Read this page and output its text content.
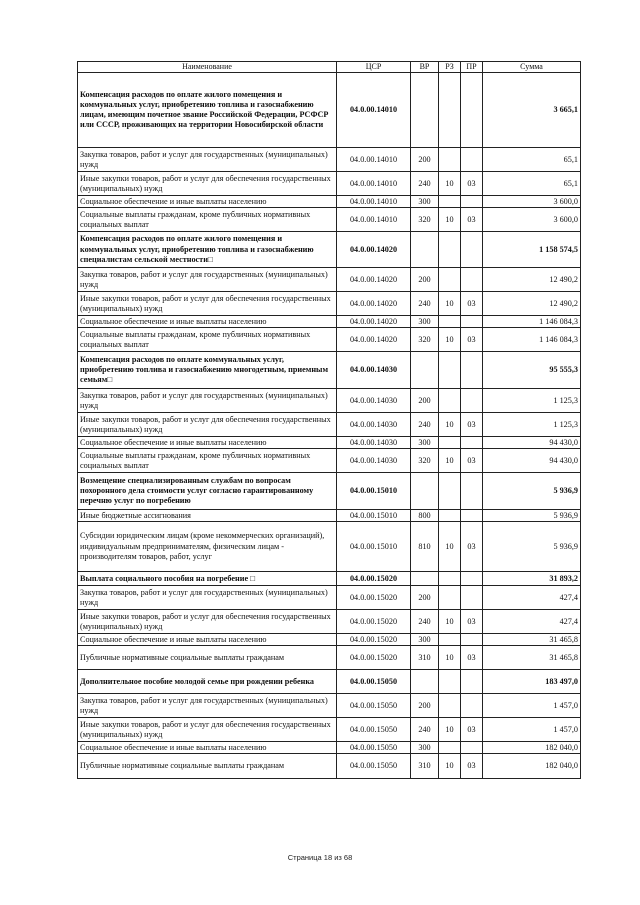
Наименование	ЦСР	ВР	РЗ	ПР	Сумма
Компенсация расходов по оплате жилого помещения и коммунальных услуг, приобретению топлива и газоснабжению лицам, имеющим почетное звание Российской Федерации, РСФСР или СССР, проживающих на территории Новосибирской области	04.0.00.14010				3 665,1
Закупка товаров, работ и услуг для государственных (муниципальных) нужд	04.0.00.14010	200			65,1
Иные закупки товаров, работ и услуг для обеспечения государственных (муниципальных) нужд	04.0.00.14010	240	10	03	65,1
Социальное обеспечение и иные выплаты населению	04.0.00.14010	300			3 600,0
Социальные выплаты гражданам, кроме публичных нормативных социальных выплат	04.0.00.14010	320	10	03	3 600,0
Компенсация расходов по оплате жилого помещения и коммунальных услуг, приобретению топлива и газоснабжению специалистам сельской местности□	04.0.00.14020				1 158 574,5
Закупка товаров, работ и услуг для государственных (муниципальных) нужд	04.0.00.14020	200			12 490,2
Иные закупки товаров, работ и услуг для обеспечения государственных (муниципальных) нужд	04.0.00.14020	240	10	03	12 490,2
Социальное обеспечение и иные выплаты населению	04.0.00.14020	300			1 146 084,3
Социальные выплаты гражданам, кроме публичных нормативных социальных выплат	04.0.00.14020	320	10	03	1 146 084,3
Компенсация расходов по оплате коммунальных услуг, приобретению топлива и газоснабжению многодетным, приемным семьям□	04.0.00.14030				95 555,3
Закупка товаров, работ и услуг для государственных (муниципальных) нужд	04.0.00.14030	200			1 125,3
Иные закупки товаров, работ и услуг для обеспечения государственных (муниципальных) нужд	04.0.00.14030	240	10	03	1 125,3
Социальное обеспечение и иные выплаты населению	04.0.00.14030	300			94 430,0
Социальные выплаты гражданам, кроме публичных нормативных социальных выплат	04.0.00.14030	320	10	03	94 430,0
Возмещение специализированным службам по вопросам похоронного дела стоимости услуг согласно гарантированному перечню услуг по погребению	04.0.00.15010				5 936,9
Иные бюджетные ассигнования	04.0.00.15010	800			5 936,9
Субсидии юридическим лицам (кроме некоммерческих организаций), индивидуальным предпринимателям, физическим лицам - производителям товаров, работ, услуг	04.0.00.15010	810	10	03	5 936,9
Выплата социального пособия на погребение □	04.0.00.15020				31 893,2
Закупка товаров, работ и услуг для государственных (муниципальных) нужд	04.0.00.15020	200			427,4
Иные закупки товаров, работ и услуг для обеспечения государственных (муниципальных) нужд	04.0.00.15020	240	10	03	427,4
Социальное обеспечение и иные выплаты населению	04.0.00.15020	300			31 465,8
Публичные нормативные социальные выплаты гражданам	04.0.00.15020	310	10	03	31 465,8
Дополнительное пособие молодой семье при рождении ребенка	04.0.00.15050				183 497,0
Закупка товаров, работ и услуг для государственных (муниципальных) нужд	04.0.00.15050	200			1 457,0
Иные закупки товаров, работ и услуг для обеспечения государственных (муниципальных) нужд	04.0.00.15050	240	10	03	1 457,0
Социальное обеспечение и иные выплаты населению	04.0.00.15050	300			182 040,0
Публичные нормативные социальные выплаты гражданам	04.0.00.15050	310	10	03	182 040,0
Страница 18 из 68
